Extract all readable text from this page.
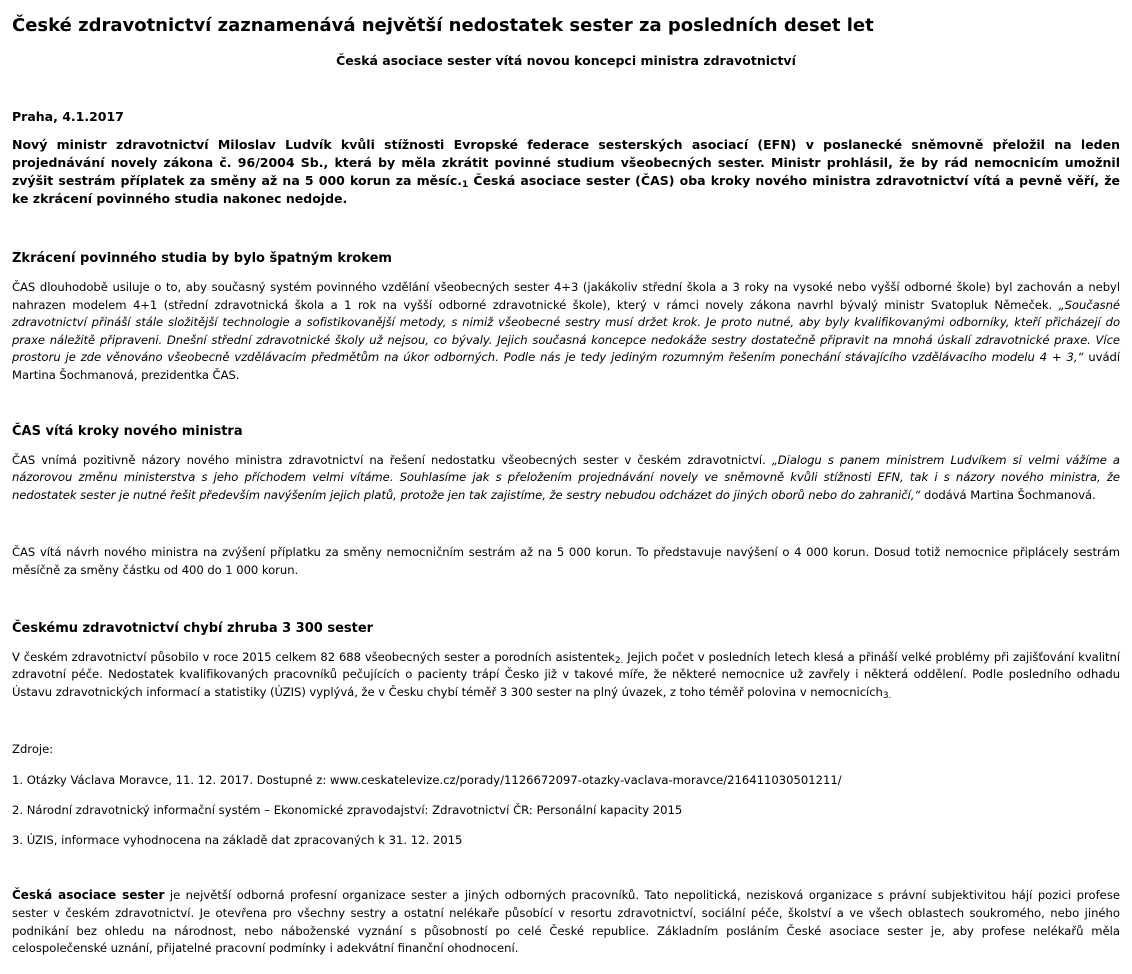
České zdravotnictví zaznamenává největší nedostatek sester za posledních deset let
Česká asociace sester vítá novou koncepci ministra zdravotnictví
Praha, 4.1.2017

Nový ministr zdravotnictví Miloslav Ludvík kvůli stížnosti Evropské federace sesterských asociací (EFN) v poslanecké sněmovně přeložil na leden projednávání novely zákona č. 96/2004 Sb., která by měla zkrátit povinné studium všeobecných sester. Ministr prohlásil, že by rád nemocnicím umožnil zvýšit sestrám příplatek za směny až na 5 000 korun za $měsíc._1$ Česká asociace sester (ČAS) oba kroky nového ministra zdravotnictví vítá a pevně věří, že ke zkrácení povinného studia nakonec nedojde.

Zkrácení povinného studia by bylo špatným krokem

ČAS dlouhodobě usiluje o to, aby současný systém povinného vzdělání všeobecných sester 4+3 (jakákoliv střední škola a 3 roky na vysoké nebo vyšší odborné škole) byl zachován a nebyl nahrazen modelem 4+1 (střední zdravotnická škola a 1 rok na vyšší odborné zdravotnické škole), který v rámci novely zákona navrhl bývalý ministr Svatopluk Němeček. „Současné zdravotnictví přináší stále složitější technologie a sofistikovanější metody, s nimiž všeobecné sestry musí držet krok. Je proto nutné, aby byly kvalifikovanými odborníky, kteří přicházejí do praxe náležitě připraveni. Dnešní střední zdravotnické školy už nejsou, co bývaly. Jejich současná koncepce nedokáže sestry dostatečně připravit na mnohá úskalí zdravotnické praxe. Více prostoru je zde věnováno všeobecně vzdělávacím předmětům na úkor odborných. Podle nás je tedy jediným rozumným řešením ponechání stávajícího vzdělávacího modelu 4 + 3,“ uvádí Martina Šochmanová, prezidentka ČAS.

ČAS vítá kroky nového ministra

ČAS vnímá pozitivně názory nového ministra zdravotnictví na řešení nedostatku všeobecných sester v českém zdravotnictví. „Dialogu s panem ministrem Ludvíkem si velmi vážíme a názorovou změnu ministerstva s jeho příchodem velmi vítáme. Souhlasíme jak s přeložením projednávání novely ve sněmovně kvůli stížnosti EFN, tak i s názory nového ministra, že nedostatek sester je nutné řešit především navýšením jejich platů, protože jen tak zajistíme, že sestry nebudou odcházet do jiných oborů nebo do zahraničí,“ dodává Martina Šochmanová.

ČAS vítá návrh nového ministra na zvýšení příplatku za směny nemocničním sestrám až na 5 000 korun. To představuje navýšení o 4 000 korun. Dosud totiž nemocnice připlácely sestrám měsíčně za směny částku od 400 do 1 000 korun.

Českému zdravotnictví chybí zhruba 3 300 sester

V českém zdravotnictví působilo v roce 2015 celkem 82 688 všeobecných sester a porodních asistentek$_{2.}$ Jejich počet v posledních letech klesá a přináší velké problémy při zajišťování kvalitní zdravotní péče. Nedostatek kvalifikovaných pracovníků pečujících o pacienty trápí Česko již v takové míře, že některé nemocnice už zavřely i některá oddělení. Podle posledního odhadu Ústavu zdravotnických informací a statistiky (ÚZIS) vyplývá, že v Česku chybí téměř 3 300 sester na plný úvazek, z toho téměř polovina v nemocnicích$_{3.}$

Zdroje:
1. Otázky Václava Moravce, 11. 12. 2017. Dostupné z: www.ceskatelevize.cz/porady/1126672097-otazky-vaclava-moravce/216411030501211/
2. Národní zdravotnický informační systém – Ekonomické zpravodajství: Zdravotnictví ČR: Personální kapacity 2015
3. ÚZIS, informace vyhodnocena na základě dat zpracovaných k 31. 12. 2015

Česká asociace sester je největší odborná profesní organizace sester a jiných odborných pracovníků. Tato nepolitická, nezisková organizace s právní subjektivitou hájí pozici profese sester v českém zdravotnictví. Je otevřena pro všechny sestry a ostatní nelékaře působící v resortu zdravotnictví, sociální péče, školství a ve všech oblastech soukromého, nebo jiného podnikání bez ohledu na národnost, nebo náboženské vyznání s působností po celé České republice. Základním posláním České asociace sester je, aby profese nelékařů měla celospolečenské uznání, přijatelné pracovní podmínky i adekvátní finanční ohodnocení.
